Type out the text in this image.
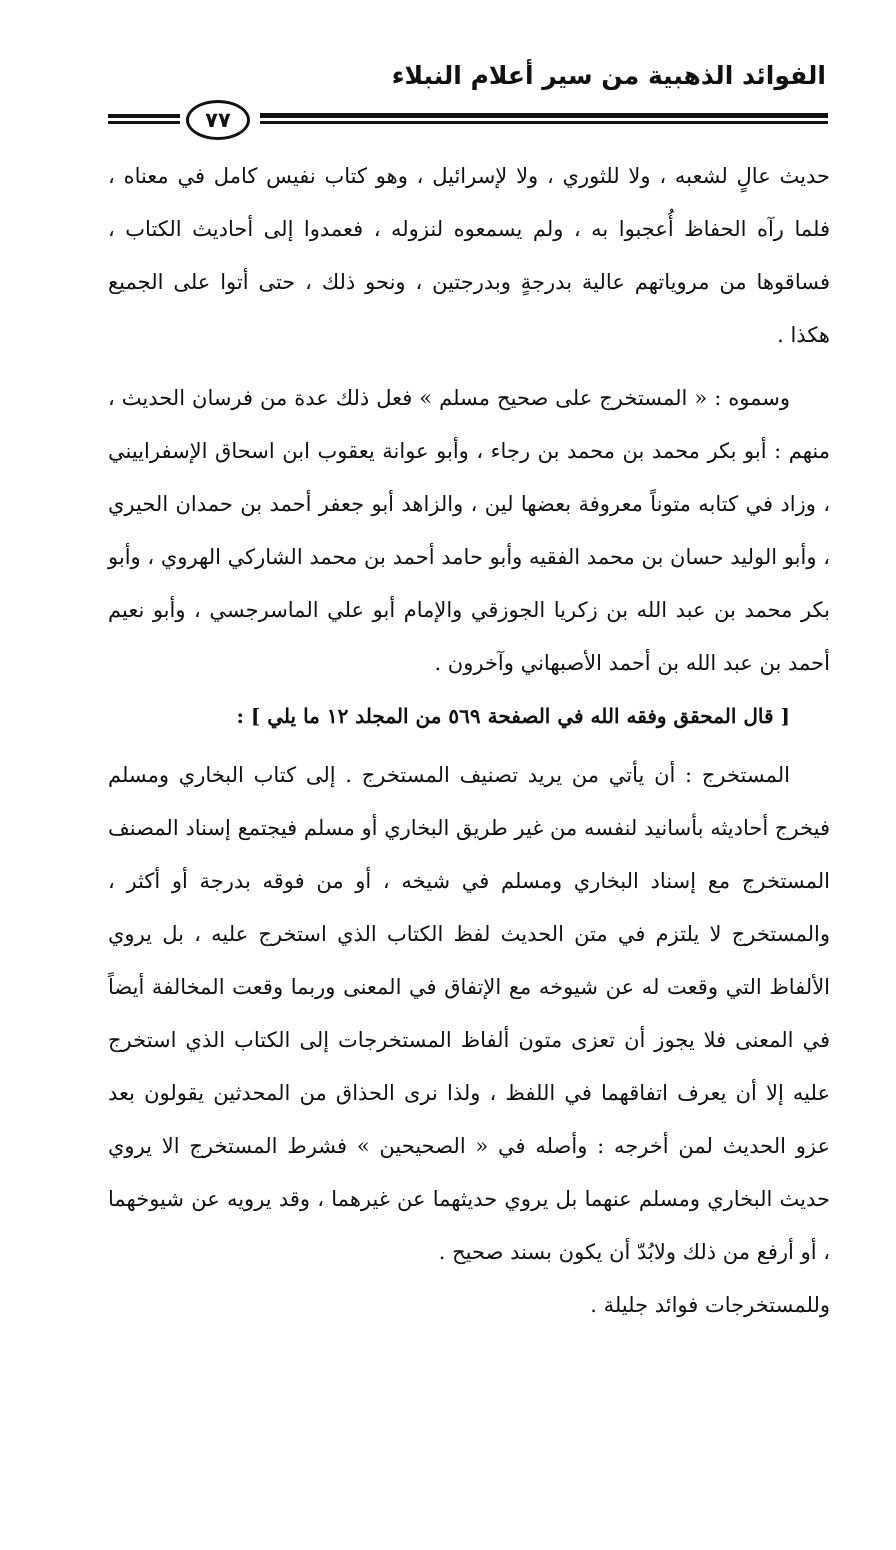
الفوائد الذهبية من سير أعلام النبلاء
٧٧

حديث عالٍ لشعبه ، ولا للثوري ، ولا لإسرائيل ، وهو كتاب نفيس كامل في معناه ، فلما رآه الحفاظ أُعجبوا به ، ولم يسمعوه لنزوله ، فعمدوا إلى أحاديث الكتاب ، فساقوها من مروياتهم عالية بدرجةٍ وبدرجتين ، ونحو ذلك ، حتى أتوا على الجميع هكذا .

وسموه : « المستخرج على صحيح مسلم » فعل ذلك عدة من فرسان الحديث ، منهم : أبو بكر محمد بن محمد بن رجاء ، وأبو عوانة يعقوب ابن اسحاق الإسفراييني ، وزاد في كتابه متوناً معروفة بعضها لين ، والزاهد أبو جعفر أحمد بن حمدان الحيري ، وأبو الوليد حسان بن محمد الفقيه وأبو حامد أحمد بن محمد الشاركي الهروي ، وأبو بكر محمد بن عبد الله بن زكريا الجوزقي والإمام أبو علي الماسرجسي ، وأبو نعيم أحمد بن عبد الله بن أحمد الأصبهاني وآخرون .

[ قال المحقق وفقه الله في الصفحة ٥٦٩ من المجلد ١٢ ما يلي ] :

المستخرج : أن يأتي من يريد تصنيف المستخرج . إلى كتاب البخاري ومسلم فيخرج أحاديثه بأسانيد لنفسه من غير طريق البخاري أو مسلم فيجتمع إسناد المصنف المستخرج مع إسناد البخاري ومسلم في شيخه ، أو من فوقه بدرجة أو أكثر ، والمستخرج لا يلتزم في متن الحديث لفظ الكتاب الذي استخرج عليه ، بل يروي الألفاظ التي وقعت له عن شيوخه مع الإتفاق في المعنى وربما وقعت المخالفة أيضاً في المعنى فلا يجوز أن تعزى متون ألفاظ المستخرجات إلى الكتاب الذي استخرج عليه إلا أن يعرف اتفاقهما في اللفظ ، ولذا نرى الحذاق من المحدثين يقولون بعد عزو الحديث لمن أخرجه : وأصله في « الصحيحين » فشرط المستخرج الا يروي حديث البخاري ومسلم عنهما بل يروي حديثهما عن غيرهما ، وقد يرويه عن شيوخهما ، أو أرفع من ذلك ولابُدّ أن يكون بسند صحيح .

وللمستخرجات فوائد جليلة .
